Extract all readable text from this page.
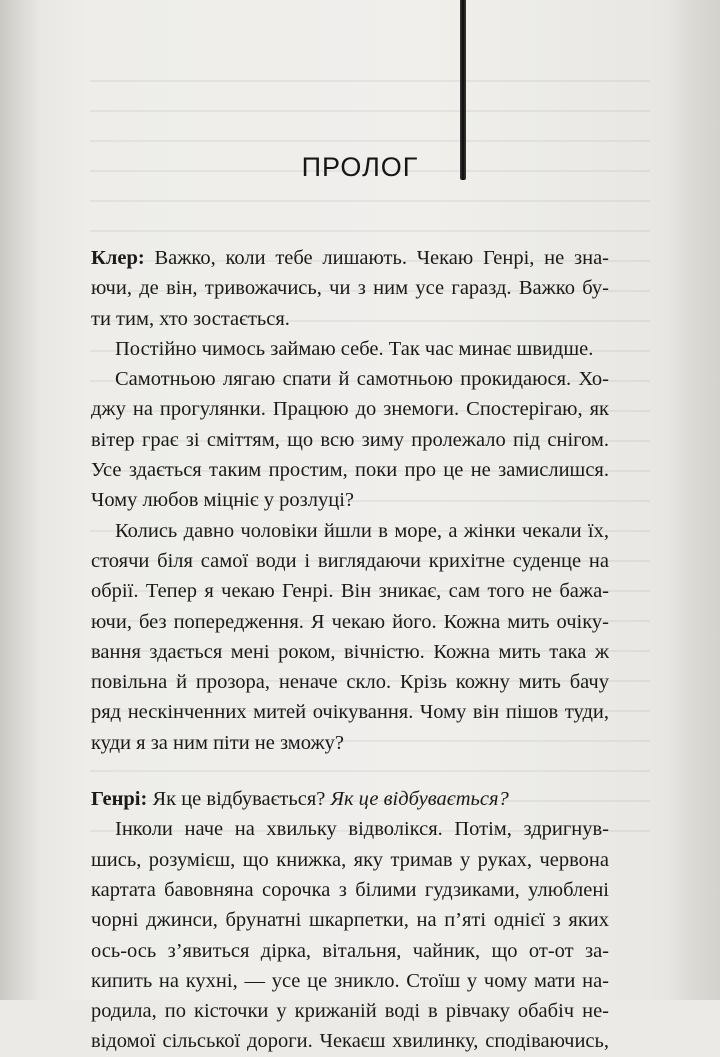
ПРОЛОГ
Клер: Важко, коли тебе лишають. Чекаю Генрі, не зна-
ючи, де він, тривожачись, чи з ним усе гаразд. Важко бу-
ти тим, хто зостається.
Постійно чимось займаю себе. Так час минає швидше.
Самотньою лягаю спати й самотньою прокидаюся. Хо-
джу на прогулянки. Працюю до знемоги. Спостерігаю, як
вітер грає зі сміттям, що всю зиму пролежало під снігом.
Усе здається таким простим, поки про це не замислишся.
Чому любов міцніє у розлуці?
Колись давно чоловіки йшли в море, а жінки чекали їх,
стоячи біля самої води і виглядаючи крихітне суденце на
обрії. Тепер я чекаю Генрі. Він зникає, сам того не бажа-
ючи, без попередження. Я чекаю його. Кожна мить очіку-
вання здається мені роком, вічністю. Кожна мить така ж
повільна й прозора, неначе скло. Крізь кожну мить бачу
ряд нескінченних митей очікування. Чому він пішов туди,
куди я за ним піти не зможу?
Генрі: Як це відбувається? Як це відбувається?
Інколи наче на хвильку відволікся. Потім, здригнув-
шись, розумієш, що книжка, яку тримав у руках, червона
картата бавовняна сорочка з білими гудзиками, улюблені
чорні джинси, брунатні шкарпетки, на п’яті однієї з яких
ось-ось з’явиться дірка, вітальня, чайник, що от-от за-
кипить на кухні, — усе це зникло. Стоїш у чому мати на-
родила, по кісточки у крижаній воді в рівчаку обабіч не-
відомої сільської дороги. Чекаєш хвилинку, сподіваючись,
